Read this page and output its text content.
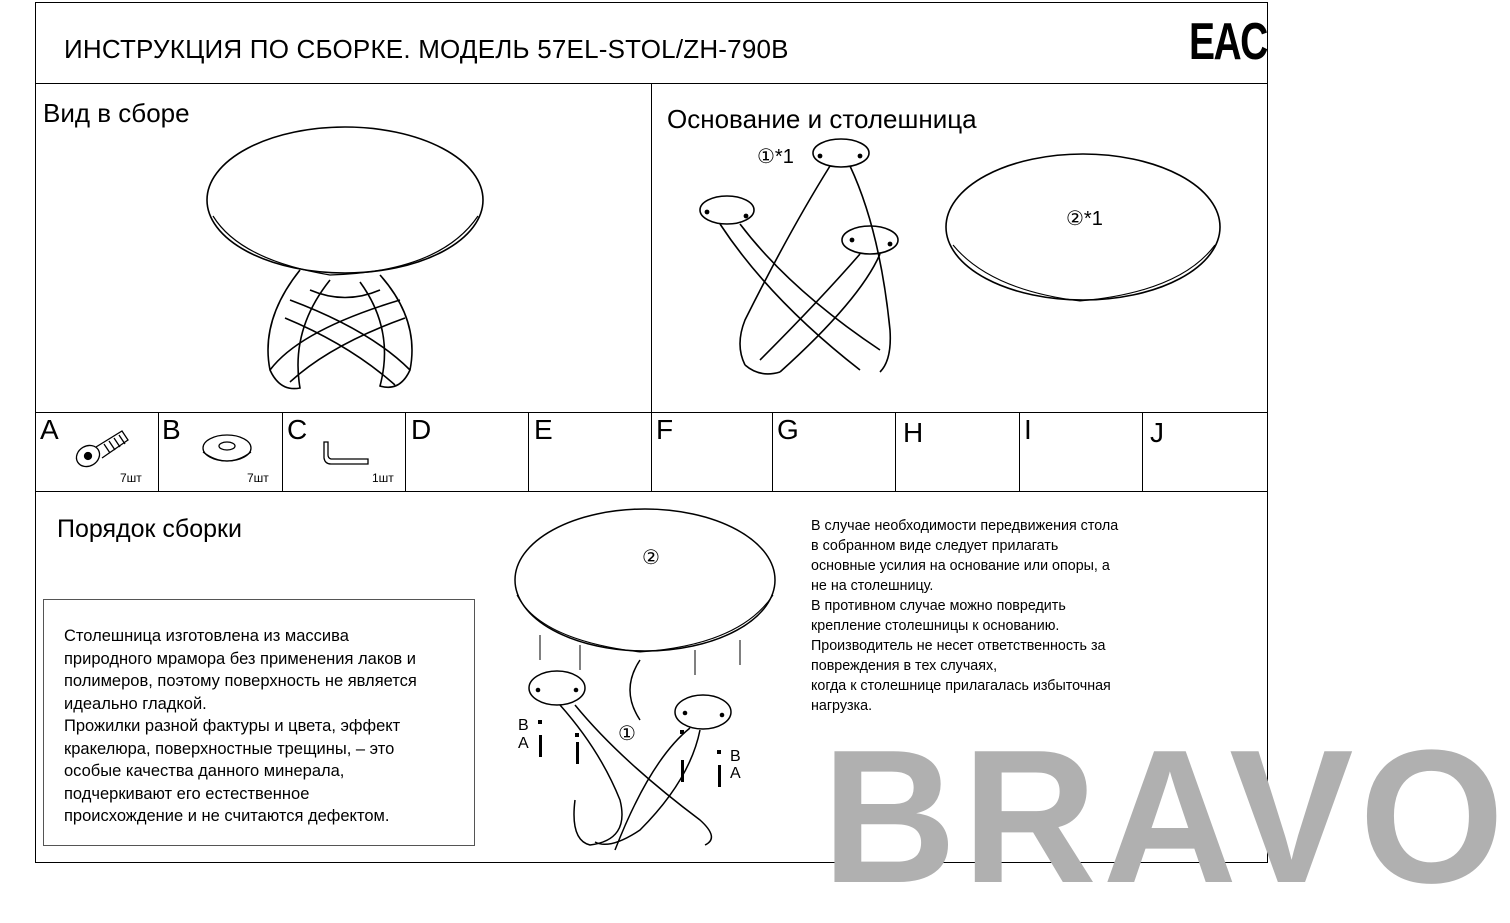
ИНСТРУКЦИЯ ПО СБОРКЕ. МОДЕЛЬ 57EL-STOL/ZH-790B	EAC
Вид в сборе	Основание и столешница
①*1
②*1
A	B	C	D	E	F	G	H	I	J
7шт	7шт	1шт
Порядок сборки
Столешница изготовлена из массива
природного мрамора без применения лаков и
полимеров, поэтому поверхность не является
идеально гладкой.
Прожилки разной фактуры и цвета, эффект
кракелюра, поверхностные трещины, – это
особые качества данного минерала,
подчеркивают его естественное
происхождение и не считаются дефектом.
②
①
B
A
B
A
В случае необходимости передвижения стола
в собранном виде следует прилагать
основные усилия на основание или опоры, а
не на столешницу.
В противном случае можно повредить
крепление столешницы к основанию.
Производитель не несет ответственность за
повреждения в тех случаях,
когда к столешнице прилагалась избыточная
нагрузка.
BRAVO
